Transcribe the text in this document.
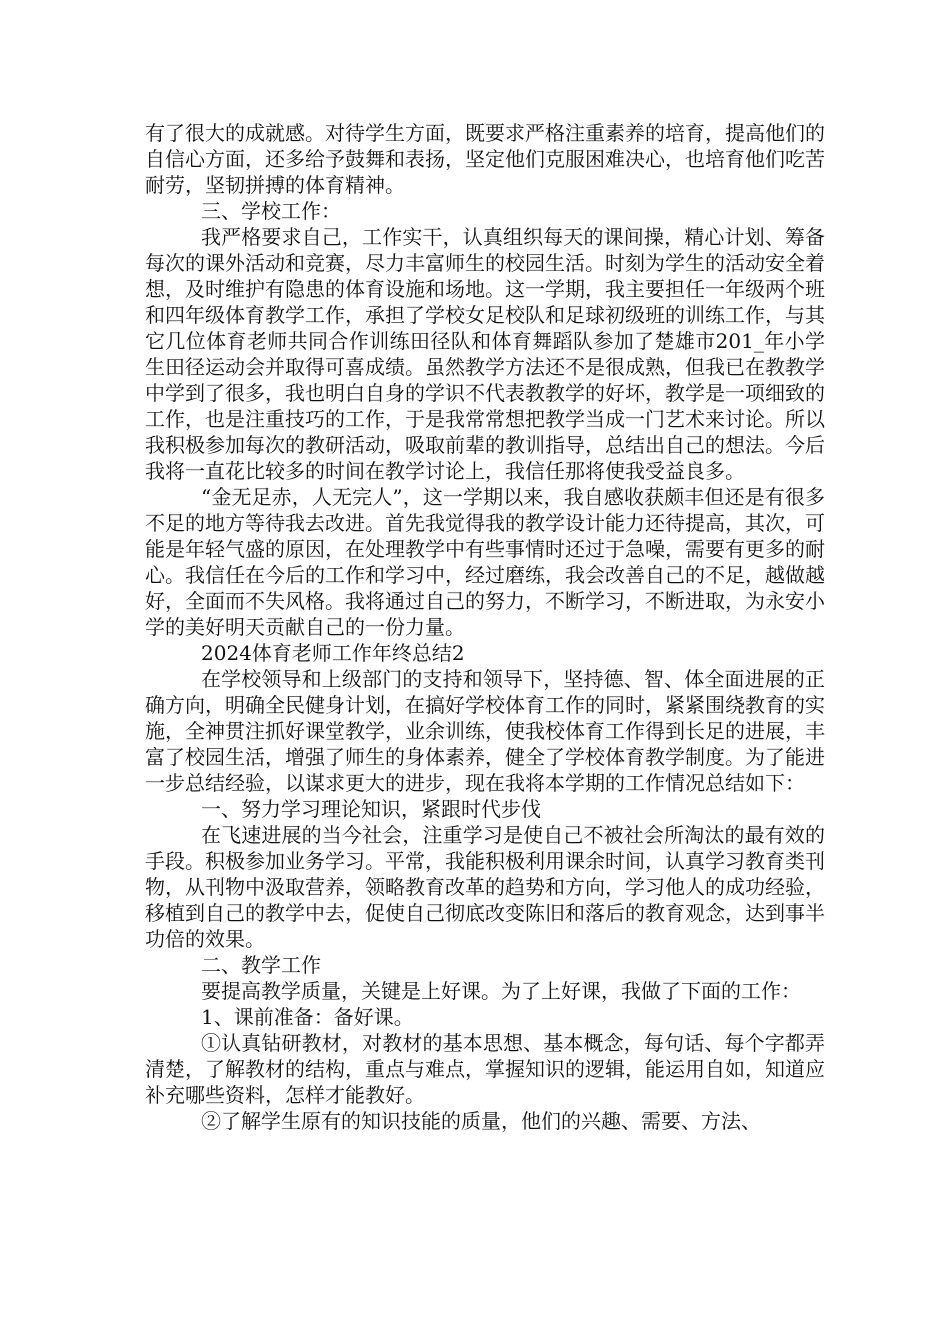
有了很大的成就感。对待学生方面，既要求严格注重素养的培育，提高他们的自信心方面，还多给予鼓舞和表扬，坚定他们克服困难决心，也培育他们吃苦耐劳，坚韧拼搏的体育精神。

三、学校工作：

我严格要求自己，工作实干，认真组织每天的课间操，精心计划、筹备每次的课外活动和竞赛，尽力丰富师生的校园生活。时刻为学生的活动安全着想，及时维护有隐患的体育设施和场地。这一学期，我主要担任一年级两个班和四年级体育教学工作，承担了学校女足校队和足球初级班的训练工作，与其它几位体育老师共同合作训练田径队和体育舞蹈队参加了楚雄市201_年小学生田径运动会并取得可喜成绩。虽然教学方法还不是很成熟，但我已在教教学中学到了很多，我也明白自身的学识不代表教教学的好坏，教学是一项细致的工作，也是注重技巧的工作，于是我常常想把教学当成一门艺术来讨论。所以我积极参加每次的教研活动，吸取前辈的教训指导，总结出自己的想法。今后我将一直花比较多的时间在教学讨论上，我信任那将使我受益良多。

“金无足赤，人无完人”，这一学期以来，我自感收获颇丰但还是有很多不足的地方等待我去改进。首先我觉得我的教学设计能力还待提高，其次，可能是年轻气盛的原因，在处理教学中有些事情时还过于急噪，需要有更多的耐心。我信任在今后的工作和学习中，经过磨练，我会改善自己的不足，越做越好，全面而不失风格。我将通过自己的努力，不断学习，不断进取，为永安小学的美好明天贡献自己的一份力量。

2024体育老师工作年终总结2

在学校领导和上级部门的支持和领导下，坚持德、智、体全面进展的正确方向，明确全民健身计划，在搞好学校体育工作的同时，紧紧围绕教育的实施，全神贯注抓好课堂教学，业余训练，使我校体育工作得到长足的进展，丰富了校园生活，增强了师生的身体素养，健全了学校体育教学制度。为了能进一步总结经验，以谋求更大的进步，现在我将本学期的工作情况总结如下：

一、努力学习理论知识，紧跟时代步伐

在飞速进展的当今社会，注重学习是使自己不被社会所淘汰的最有效的手段。积极参加业务学习。平常，我能积极利用课余时间，认真学习教育类刊物，从刊物中汲取营养，领略教育改革的趋势和方向，学习他人的成功经验，移植到自己的教学中去，促使自己彻底改变陈旧和落后的教育观念，达到事半功倍的效果。

二、教学工作

要提高教学质量，关键是上好课。为了上好课，我做了下面的工作：

1、课前准备：备好课。

①认真钻研教材，对教材的基本思想、基本概念，每句话、每个字都弄清楚，了解教材的结构，重点与难点，掌握知识的逻辑，能运用自如，知道应补充哪些资料，怎样才能教好。

②了解学生原有的知识技能的质量，他们的兴趣、需要、方法、
